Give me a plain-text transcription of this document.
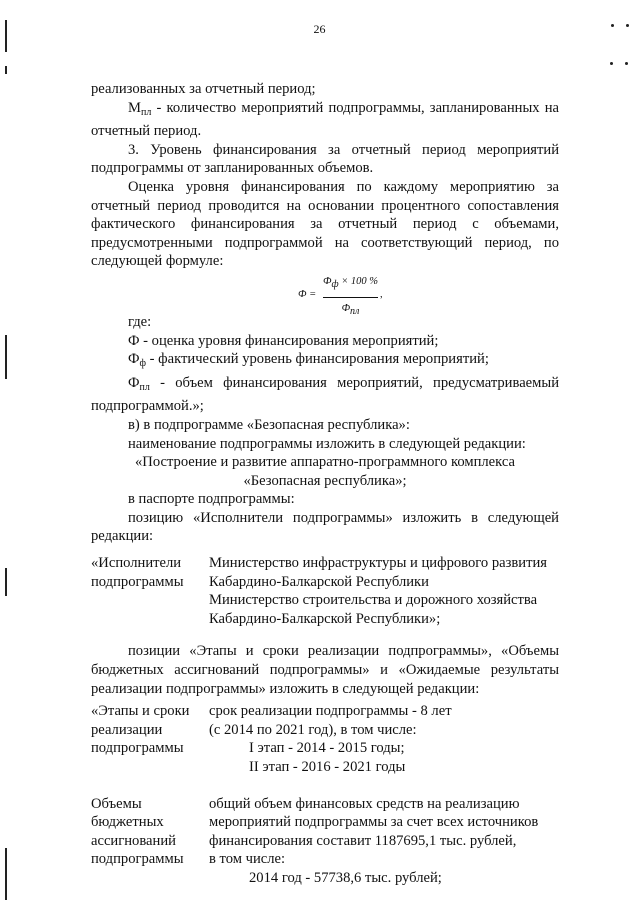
26

реализованных за отчетный период;

$М_{пл}$ - количество мероприятий подпрограммы, запланированных на отчетный период.

3. Уровень финансирования за отчетный период мероприятий подпрограммы от запланированных объемов.

Оценка уровня финансирования по каждому мероприятию за отчетный период проводится на основании процентного сопоставления фактического финансирования за отчетный период с объемами, предусмотренными подпрограммой на соответствующий период, по следующей формуле:

Ф =
Фф × 100 %
Фпл
,

где:

Ф - оценка уровня финансирования мероприятий;

$Ф_ф$ - фактический уровень финансирования мероприятий;

$Ф_{пл}$ - объем финансирования мероприятий, предусматриваемый подпрограммой.»;

в) в подпрограмме «Безопасная республика»:

наименование подпрограммы изложить в следующей редакции:

«Построение и развитие аппаратно-программного комплекса

«Безопасная республика»;

в паспорте подпрограммы:

позицию «Исполнители подпрограммы» изложить в следующей редакции:

«Исполнители подпрограммы
Министерство инфраструктуры и цифрового развития Кабардино-Балкарской Республики
Министерство строительства и дорожного хозяйства Кабардино-Балкарской Республики»;

позиции «Этапы и сроки реализации подпрограммы», «Объемы бюджетных ассигнований подпрограммы» и «Ожидаемые результаты реализации подпрограммы» изложить в следующей редакции:

«Этапы и сроки реализации подпрограммы
срок реализации подпрограммы - 8 лет
(с 2014 по 2021 год), в том числе:
I этап - 2014 - 2015 годы;
II этап - 2016 - 2021 годы
Объемы бюджетных ассигнований подпрограммы
общий объем финансовых средств на реализацию
мероприятий подпрограммы за счет всех источников
финансирования составит 1187695,1 тыс. рублей,
в том числе:
2014 год - 57738,6 тыс. рублей;
